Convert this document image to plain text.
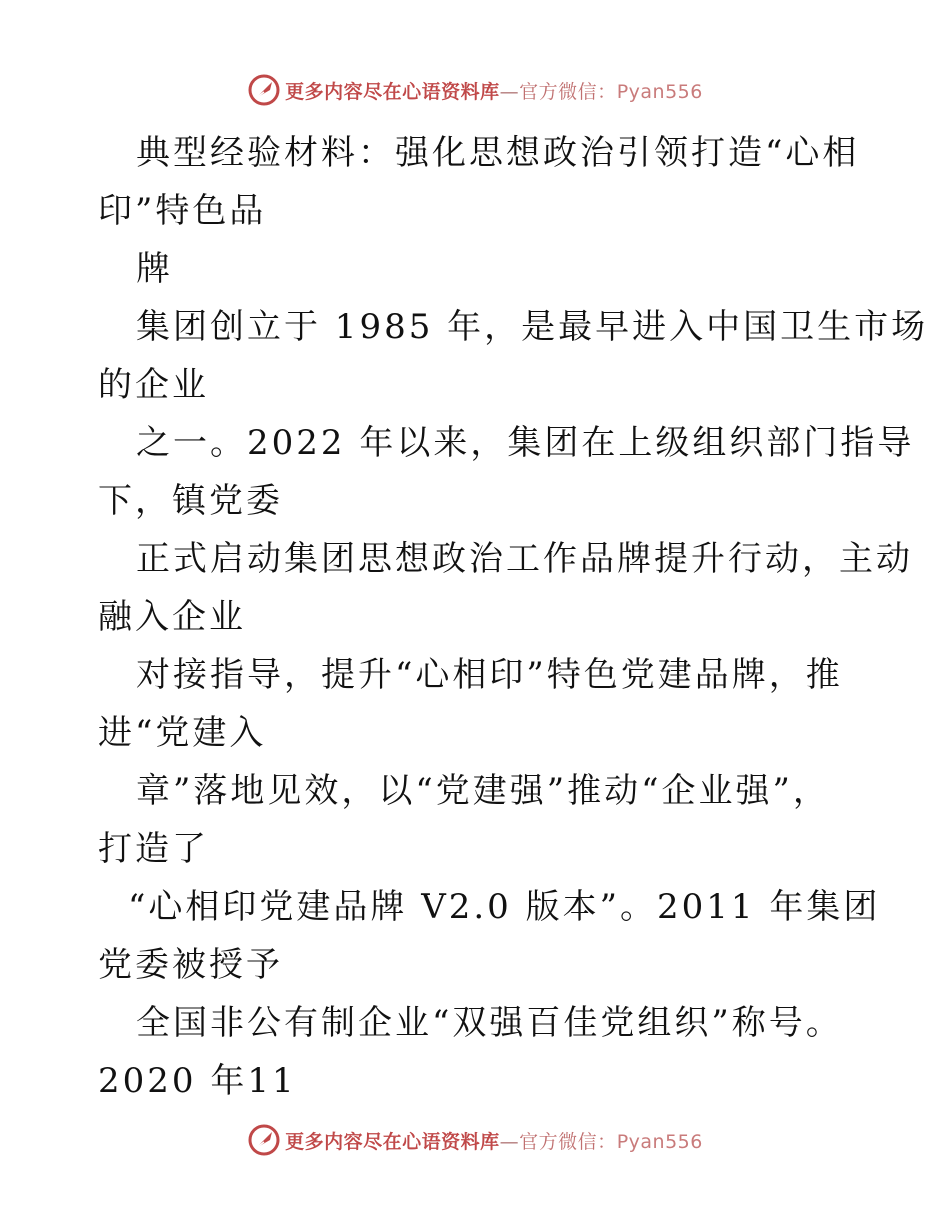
更多内容尽在心语资料库—官方微信：Pyan556
典型经验材料：强化思想政治引领打造“心相
印”特色品
牌
集团创立于 1985 年，是最早进入中国卫生市场
的企业
之一。2022 年以来，集团在上级组织部门指导
下，镇党委
正式启动集团思想政治工作品牌提升行动，主动
融入企业
对接指导，提升“心相印”特色党建品牌，推
进“党建入
章”落地见效，以“党建强”推动“企业强”，
打造了
“心相印党建品牌 V2.0 版本”。2011 年集团
党委被授予
全国非公有制企业“双强百佳党组织”称号。
2020 年11
更多内容尽在心语资料库—官方微信：Pyan556
